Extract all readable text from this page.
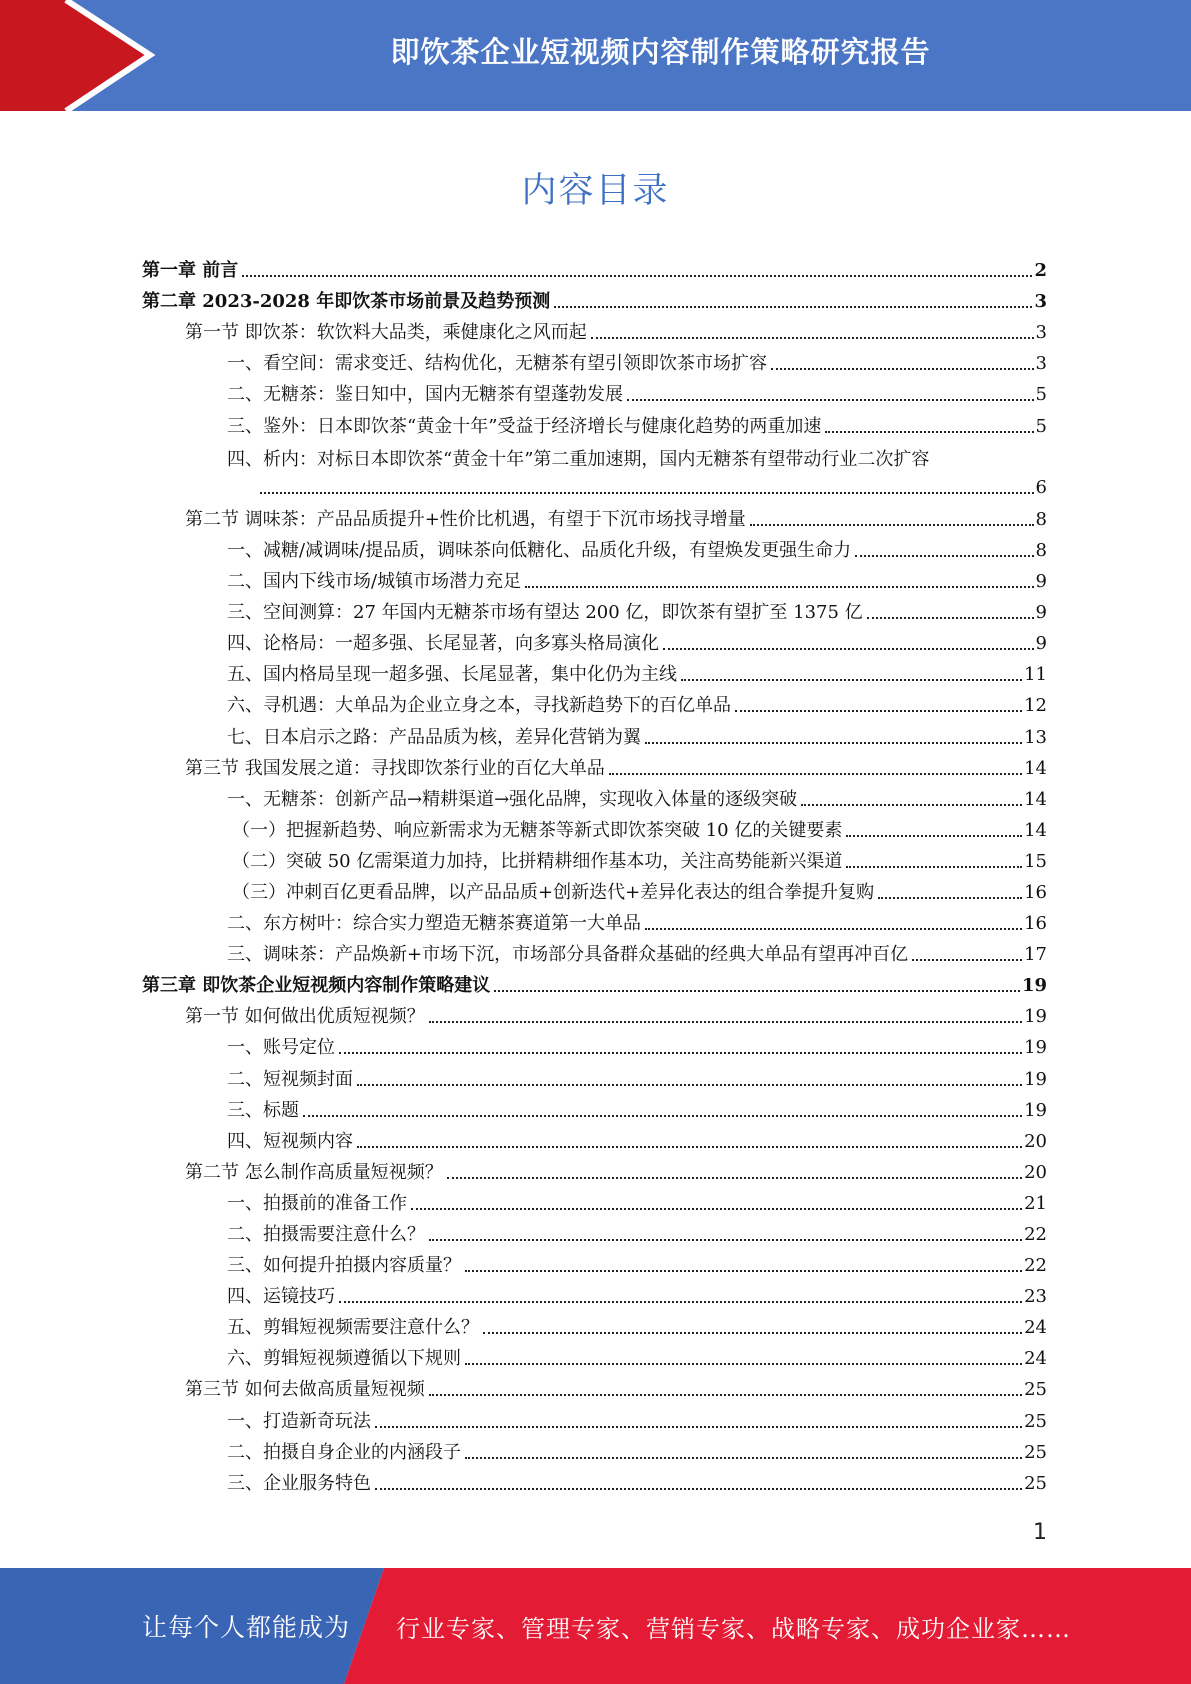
即饮茶企业短视频内容制作策略研究报告
内容目录
第一章 前言	2
第二章 2023-2028 年即饮茶市场前景及趋势预测	3
第一节 即饮茶：软饮料大品类，乘健康化之风而起	3
一、看空间：需求变迁、结构优化，无糖茶有望引领即饮茶市场扩容	3
二、无糖茶：鉴日知中，国内无糖茶有望蓬勃发展	5
三、鉴外：日本即饮茶“黄金十年”受益于经济增长与健康化趋势的两重加速	5
四、析内：对标日本即饮茶“黄金十年”第二重加速期，国内无糖茶有望带动行业二次扩容
6
第二节 调味茶：产品品质提升+性价比机遇，有望于下沉市场找寻增量	8
一、减糖/减调味/提品质，调味茶向低糖化、品质化升级，有望焕发更强生命力	8
二、国内下线市场/城镇市场潜力充足	9
三、空间测算：27 年国内无糖茶市场有望达 200 亿，即饮茶有望扩至 1375 亿	9
四、论格局：一超多强、长尾显著，向多寡头格局演化	9
五、国内格局呈现一超多强、长尾显著，集中化仍为主线	11
六、寻机遇：大单品为企业立身之本，寻找新趋势下的百亿单品	12
七、日本启示之路：产品品质为核，差异化营销为翼	13
第三节 我国发展之道：寻找即饮茶行业的百亿大单品	14
一、无糖茶：创新产品→精耕渠道→强化品牌，实现收入体量的逐级突破	14
（一）把握新趋势、响应新需求为无糖茶等新式即饮茶突破 10 亿的关键要素	14
（二）突破 50 亿需渠道力加持，比拼精耕细作基本功，关注高势能新兴渠道	15
（三）冲刺百亿更看品牌，以产品品质+创新迭代+差异化表达的组合拳提升复购	16
二、东方树叶：综合实力塑造无糖茶赛道第一大单品	16
三、调味茶：产品焕新+市场下沉，市场部分具备群众基础的经典大单品有望再冲百亿	17
第三章 即饮茶企业短视频内容制作策略建议	19
第一节 如何做出优质短视频？	19
一、账号定位	19
二、短视频封面	19
三、标题	19
四、短视频内容	20
第二节 怎么制作高质量短视频？	20
一、拍摄前的准备工作	21
二、拍摄需要注意什么？	22
三、如何提升拍摄内容质量？	22
四、运镜技巧	23
五、剪辑短视频需要注意什么？	24
六、剪辑短视频遵循以下规则	24
第三节 如何去做高质量短视频	25
一、打造新奇玩法	25
二、拍摄自身企业的内涵段子	25
三、企业服务特色	25
1
让每个人都能成为 行业专家、管理专家、营销专家、战略专家、成功企业家……
